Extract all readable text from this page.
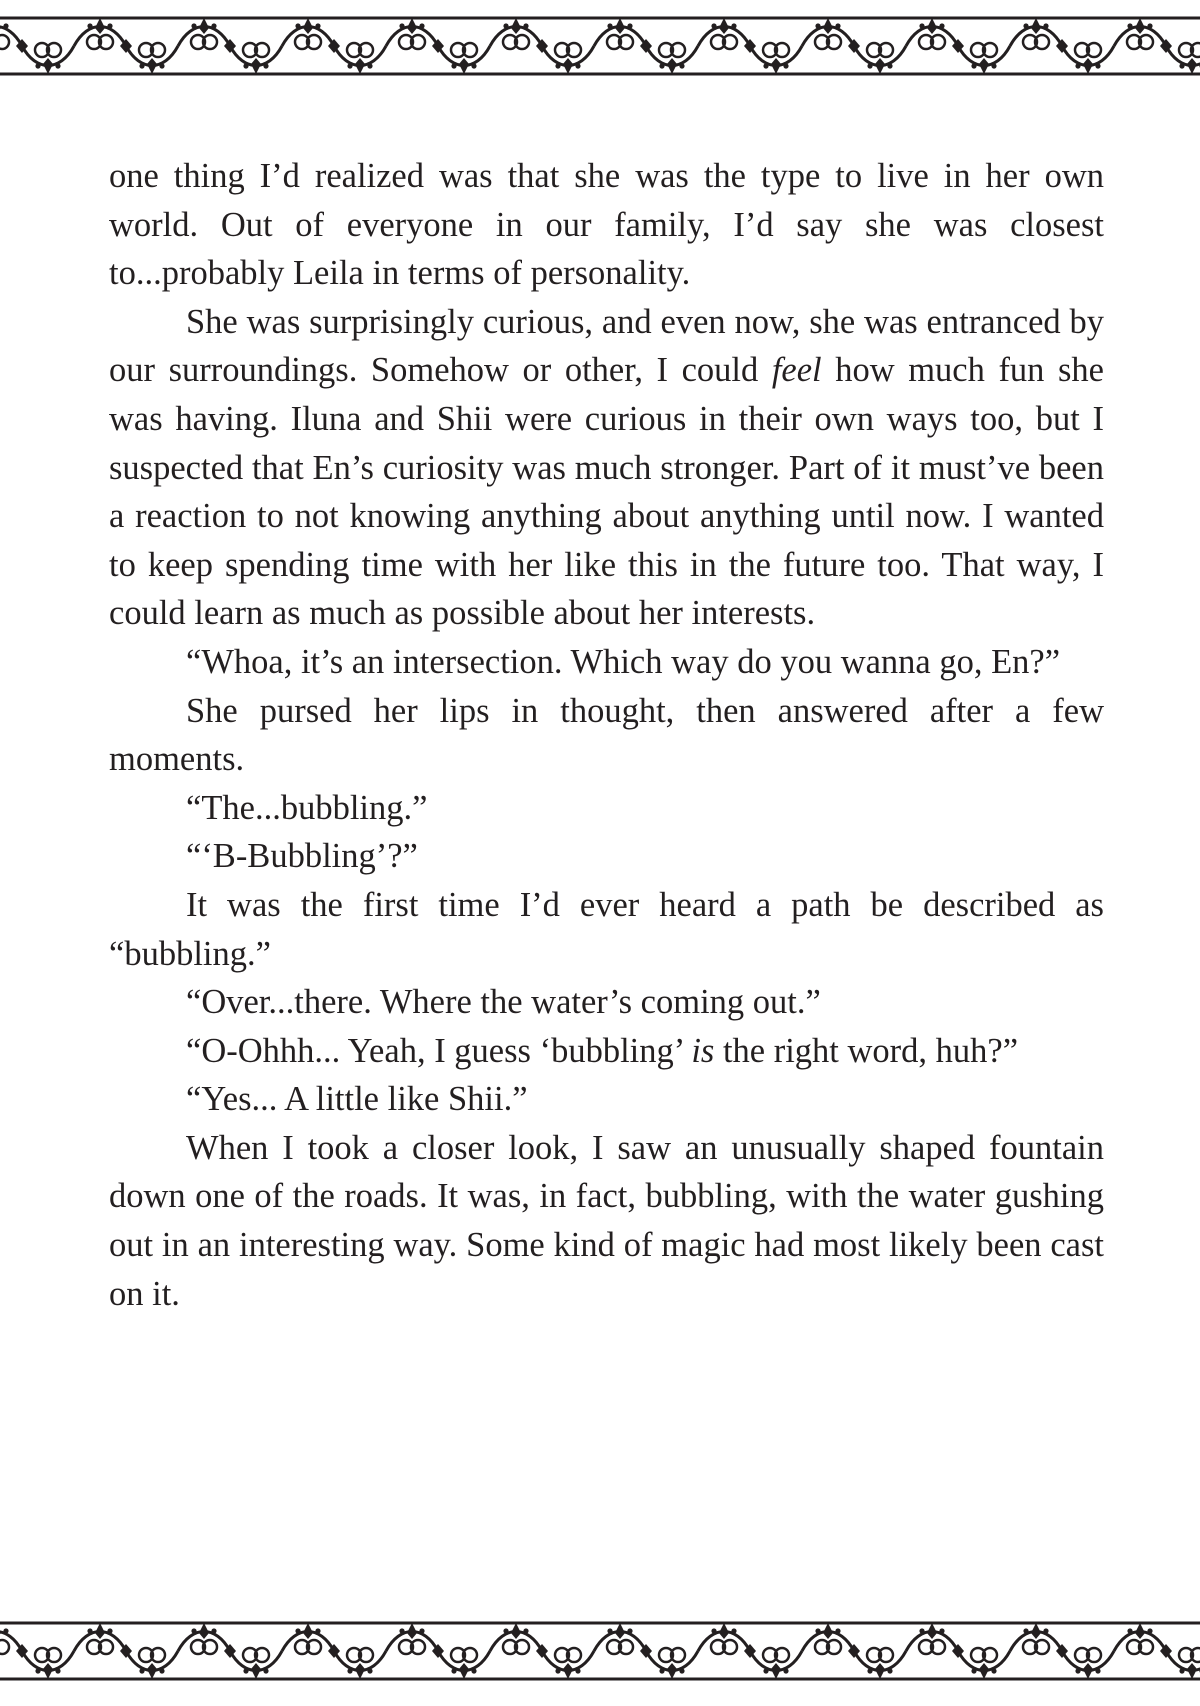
one thing I’d realized was that she was the type to live in her own world. Out of everyone in our family, I’d say she was closest to...probably Leila in terms of personality.

She was surprisingly curious, and even now, she was entranced by our surroundings. Somehow or other, I could feel how much fun she was having. Iluna and Shii were curious in their own ways too, but I suspected that En’s curiosity was much stronger. Part of it must’ve been a reaction to not knowing anything about anything until now. I wanted to keep spending time with her like this in the future too. That way, I could learn as much as possible about her interests.

“Whoa, it’s an intersection. Which way do you wanna go, En?”

She pursed her lips in thought, then answered after a few moments.

“The...bubbling.”

“‘B-Bubbling’?”

It was the first time I’d ever heard a path be described as “bubbling.”

“Over...there. Where the water’s coming out.”

“O-Ohhh... Yeah, I guess ‘bubbling’ is the right word, huh?”

“Yes... A little like Shii.”

When I took a closer look, I saw an unusually shaped fountain down one of the roads. It was, in fact, bubbling, with the water gushing out in an interesting way. Some kind of magic had most likely been cast on it.
